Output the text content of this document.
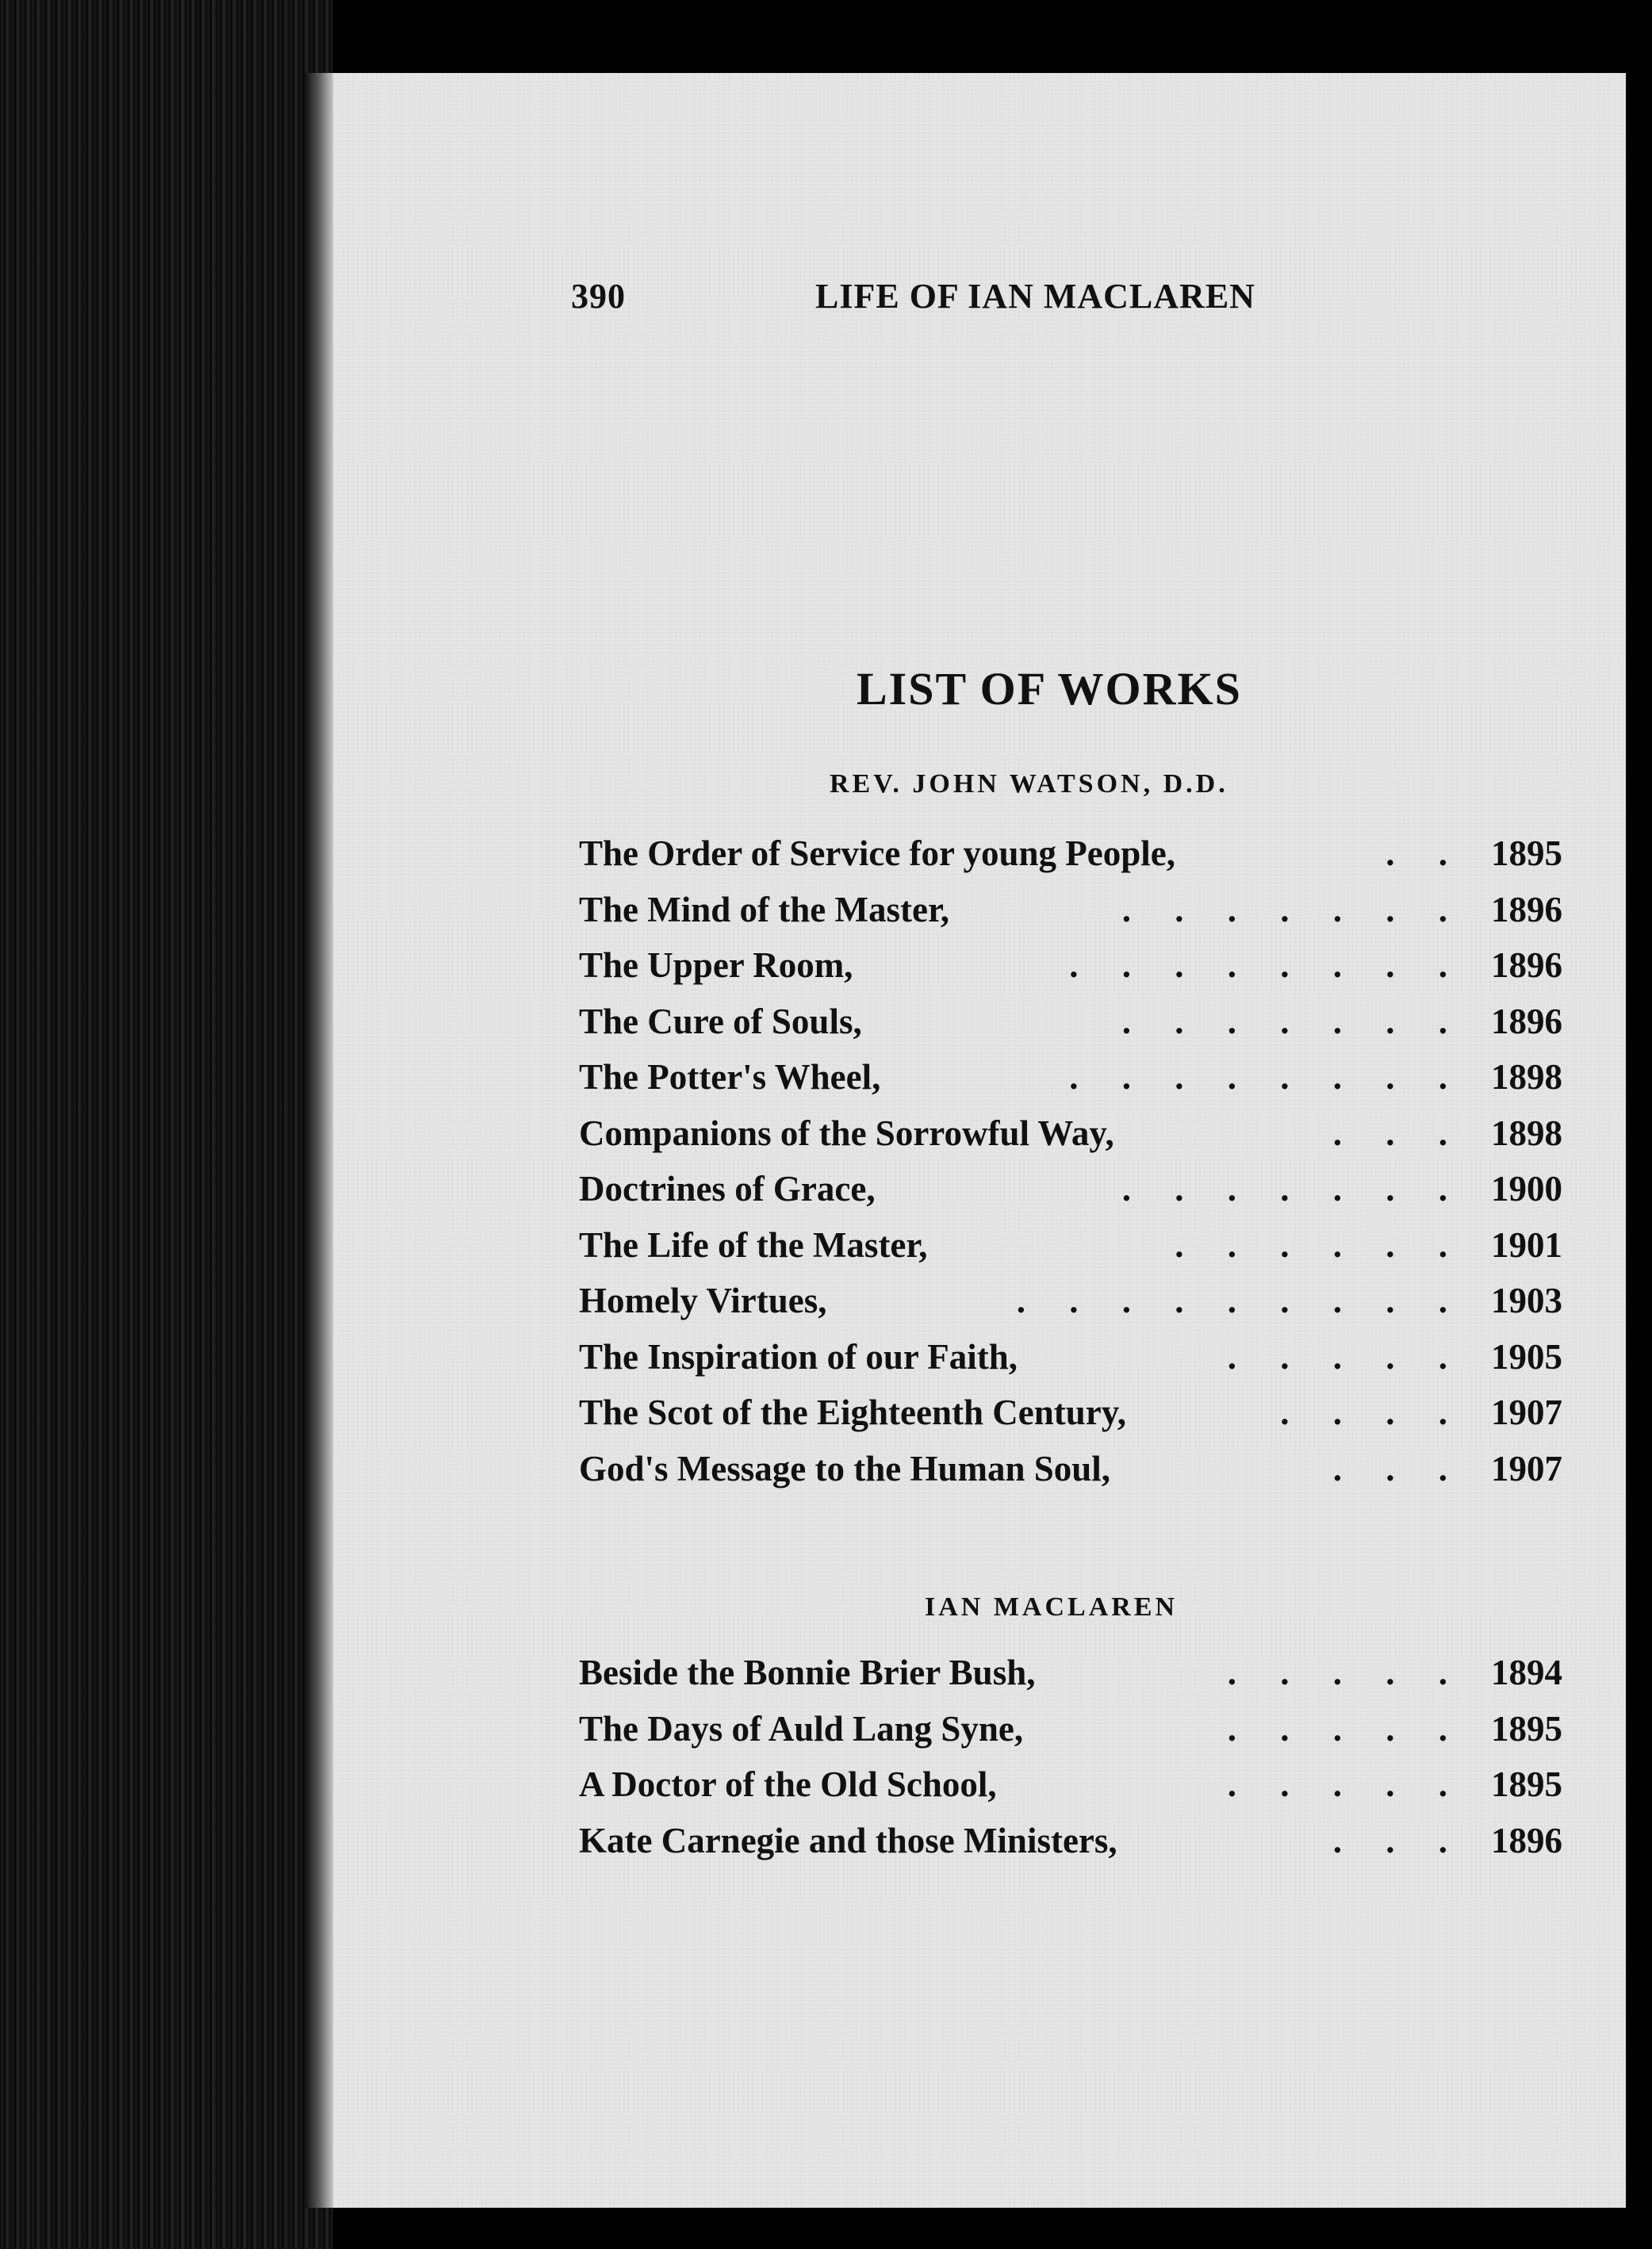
390	LIFE OF IAN MACLAREN
LIST OF WORKS
REV. JOHN WATSON, D.D.
The Order of Service for young People,	. . 1895
The Mind of the Master,	. . . . . . . 1896
The Upper Room,	. . . . . . . . 1896
The Cure of Souls,	. . . . . . . 1896
The Potter's Wheel,	. . . . . . . . 1898
Companions of the Sorrowful Way,	. . . 1898
Doctrines of Grace,	. . . . . . . 1900
The Life of the Master,	. . . . . . 1901
Homely Virtues,	. . . . . . . . . 1903
The Inspiration of our Faith,	. . . . . 1905
The Scot of the Eighteenth Century,	. . . . 1907
God's Message to the Human Soul,	. . . 1907
IAN MACLAREN
Beside the Bonnie Brier Bush,	. . . . . 1894
The Days of Auld Lang Syne,	. . . . . 1895
A Doctor of the Old School,	. . . . . 1895
Kate Carnegie and those Ministers,	. . . 1896
